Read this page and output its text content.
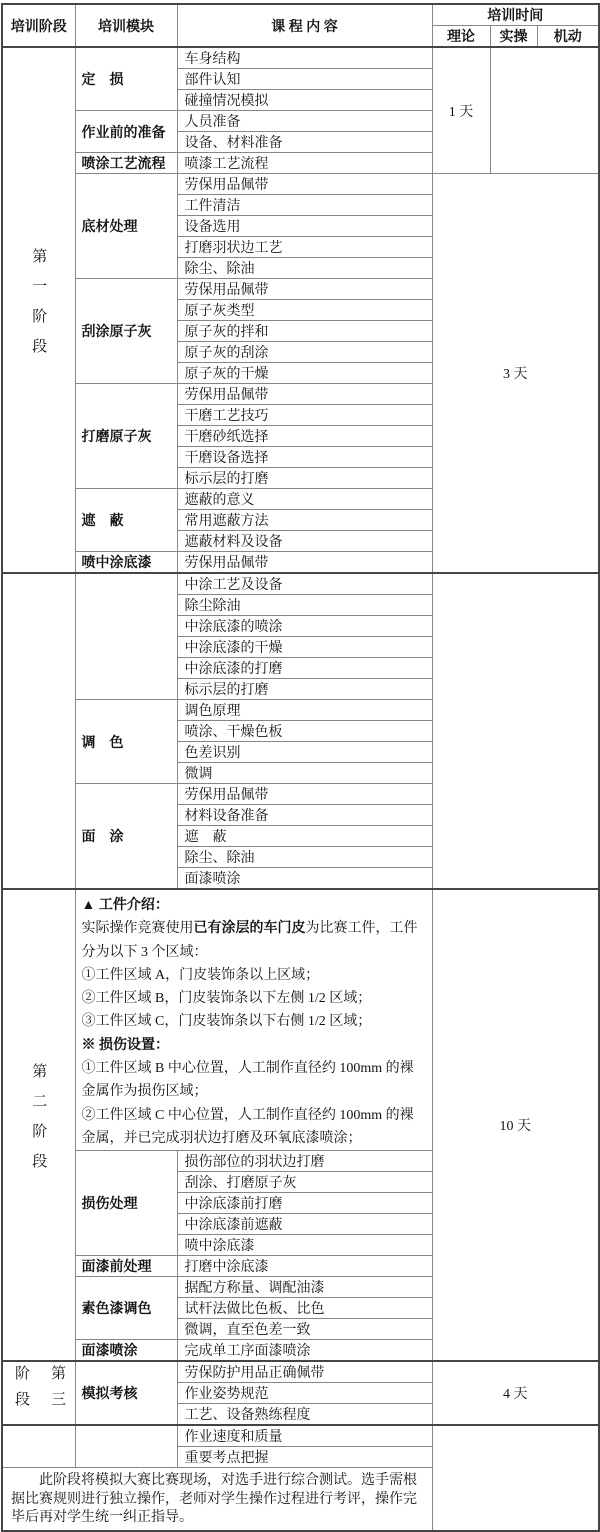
培训阶段	培训模块	课 程 内 容	培训时间		
			理论	实操	机动
第一阶段	定　损	车身结构	1 天		
		部件认知			
		碰撞情况模拟			
	作业前的准备	人员准备			
		设备、材料准备			
	喷涂工艺流程	喷漆工艺流程			
	底材处理	劳保用品佩带	3 天		
		工件清洁			
		设备选用			
		打磨羽状边工艺			
		除尘、除油			
	刮涂原子灰	劳保用品佩带			
		原子灰类型			
		原子灰的拌和			
		原子灰的刮涂			
		原子灰的干燥			
	打磨原子灰	劳保用品佩带			
		干磨工艺技巧			
		干磨砂纸选择			
		干磨设备选择			
		标示层的打磨			
	遮　蔽	遮蔽的意义			
		常用遮蔽方法			
		遮蔽材料及设备			
	喷中涂底漆	劳保用品佩带			
		中涂工艺及设备			
		除尘除油			
		中涂底漆的喷涂			
		中涂底漆的干燥			
		中涂底漆的打磨			
		标示层的打磨			
	调　色	调色原理			
		喷涂、干燥色板			
		色差识别			
		微调			
	面　涂	劳保用品佩带			
		材料设备准备			
		遮　蔽			
		除尘、除油			
		面漆喷涂			
第二阶段	
▲ 工件介绍：
实际操作竞赛使用已有涂层的车门皮为比赛工件，工件分为以下 3 个区域：
①工件区域 A，门皮装饰条以上区域；
②工件区域 B，门皮装饰条以下左侧 1/2 区域；
③工件区域 C，门皮装饰条以下右侧 1/2 区域；
※ 损伤设置：
①工件区域 B 中心位置，人工制作直径约 100mm 的裸金属作为损伤区域；
②工件区域 C 中心位置，人工制作直径约 100mm 的裸金属，并已完成羽状边打磨及环氧底漆喷涂；
	10 天
	损伤处理	损伤部位的羽状边打磨			
		刮涂、打磨原子灰			
		中涂底漆前打磨			
		中涂底漆前遮蔽			
		喷中涂底漆			
	面漆前处理	打磨中涂底漆			
	素色漆调色	据配方称量、调配油漆			
		试杆法做比色板、比色			
		微调，直至色差一致			
	面漆喷涂	完成单工序面漆喷涂			
第三阶段	模拟考核	劳保防护用品正确佩带	4 天		
		作业姿势规范			
		工艺、设备熟练程度			
		作业速度和质量			
		重要考点把握			
此阶段将模拟大赛比赛现场，对选手进行综合测试。选手需根据比赛规则进行独立操作，老师对学生操作过程进行考评，操作完毕后再对学生统一纠正指导。					
